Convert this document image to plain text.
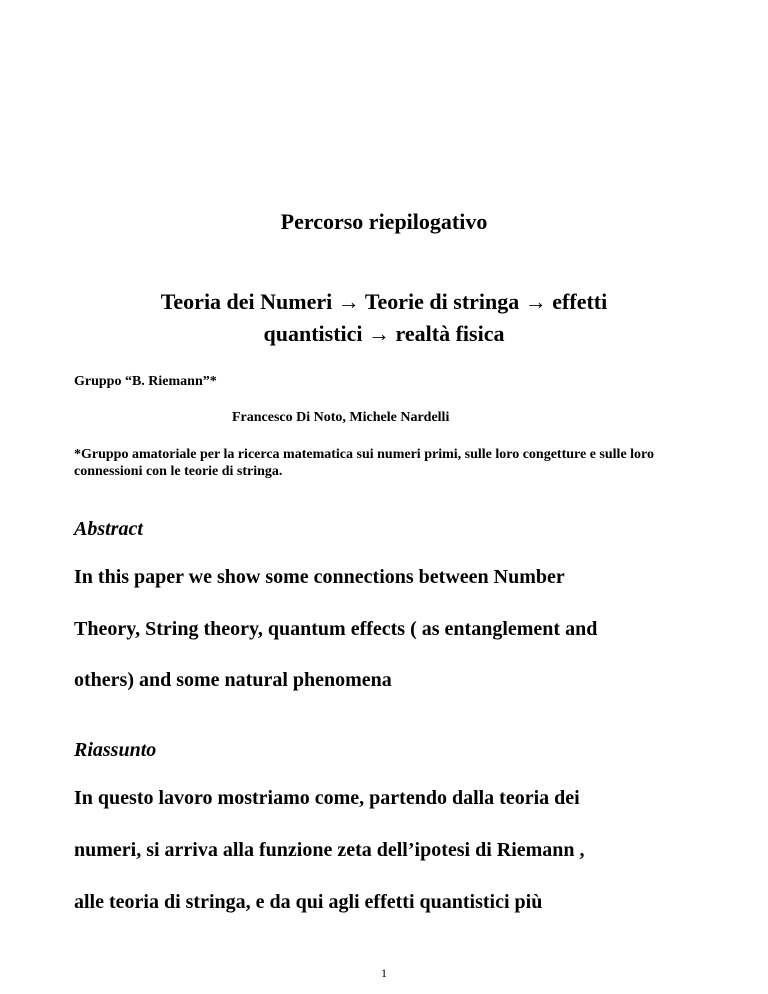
Percorso riepilogativo
Teoria dei Numeri → Teorie di stringa → effetti
quantistici → realtà fisica
Gruppo “B. Riemann”*
Francesco Di Noto, Michele Nardelli
*Gruppo amatoriale per la ricerca matematica sui numeri primi, sulle loro congetture e sulle loro connessioni con le teorie di stringa.
Abstract
In this paper we show some connections between Number
Theory, String theory, quantum effects ( as entanglement and
others) and some natural phenomena
Riassunto
In questo lavoro mostriamo come, partendo dalla teoria dei
numeri, si arriva alla funzione zeta dell’ipotesi di Riemann ,
alle teoria di stringa, e da qui agli effetti quantistici più
1
